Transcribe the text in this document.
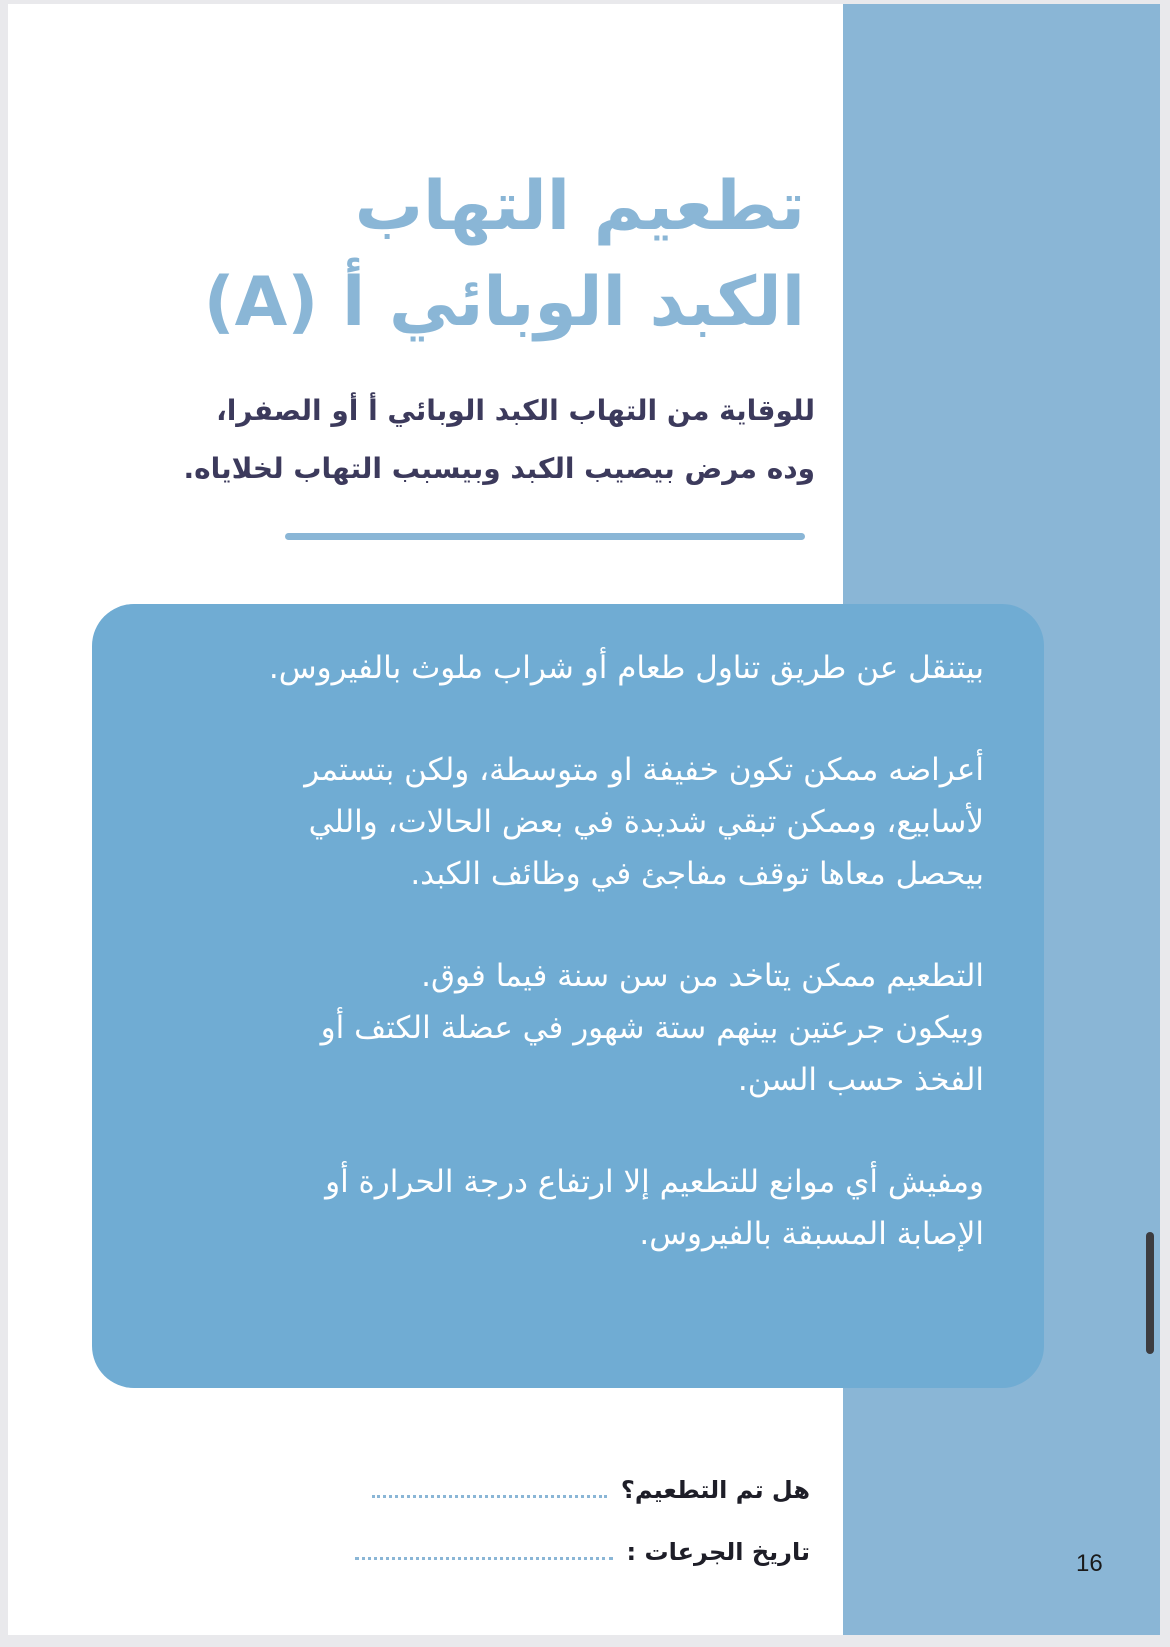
تطعيم التهاب
الكبد الوبائي أ (A)
للوقاية من التهاب الكبد الوبائي أ أو الصفرا،
وده مرض بيصيب الكبد وبيسبب التهاب لخلاياه.
بيتنقل عن طريق تناول طعام أو شراب ملوث بالفيروس.
أعراضه ممكن تكون خفيفة او متوسطة، ولكن بتستمر
لأسابيع، وممكن تبقي شديدة في بعض الحالات، واللي
بيحصل معاها توقف مفاجئ في وظائف الكبد.
التطعيم ممكن يتاخد من سن سنة فيما فوق.
وبيكون جرعتين بينهم ستة شهور في عضلة الكتف أو
الفخذ حسب السن.
ومفيش أي موانع للتطعيم إلا ارتفاع درجة الحرارة أو
الإصابة المسبقة بالفيروس.
هل تم التطعيم؟
تاريخ الجرعات :	16
